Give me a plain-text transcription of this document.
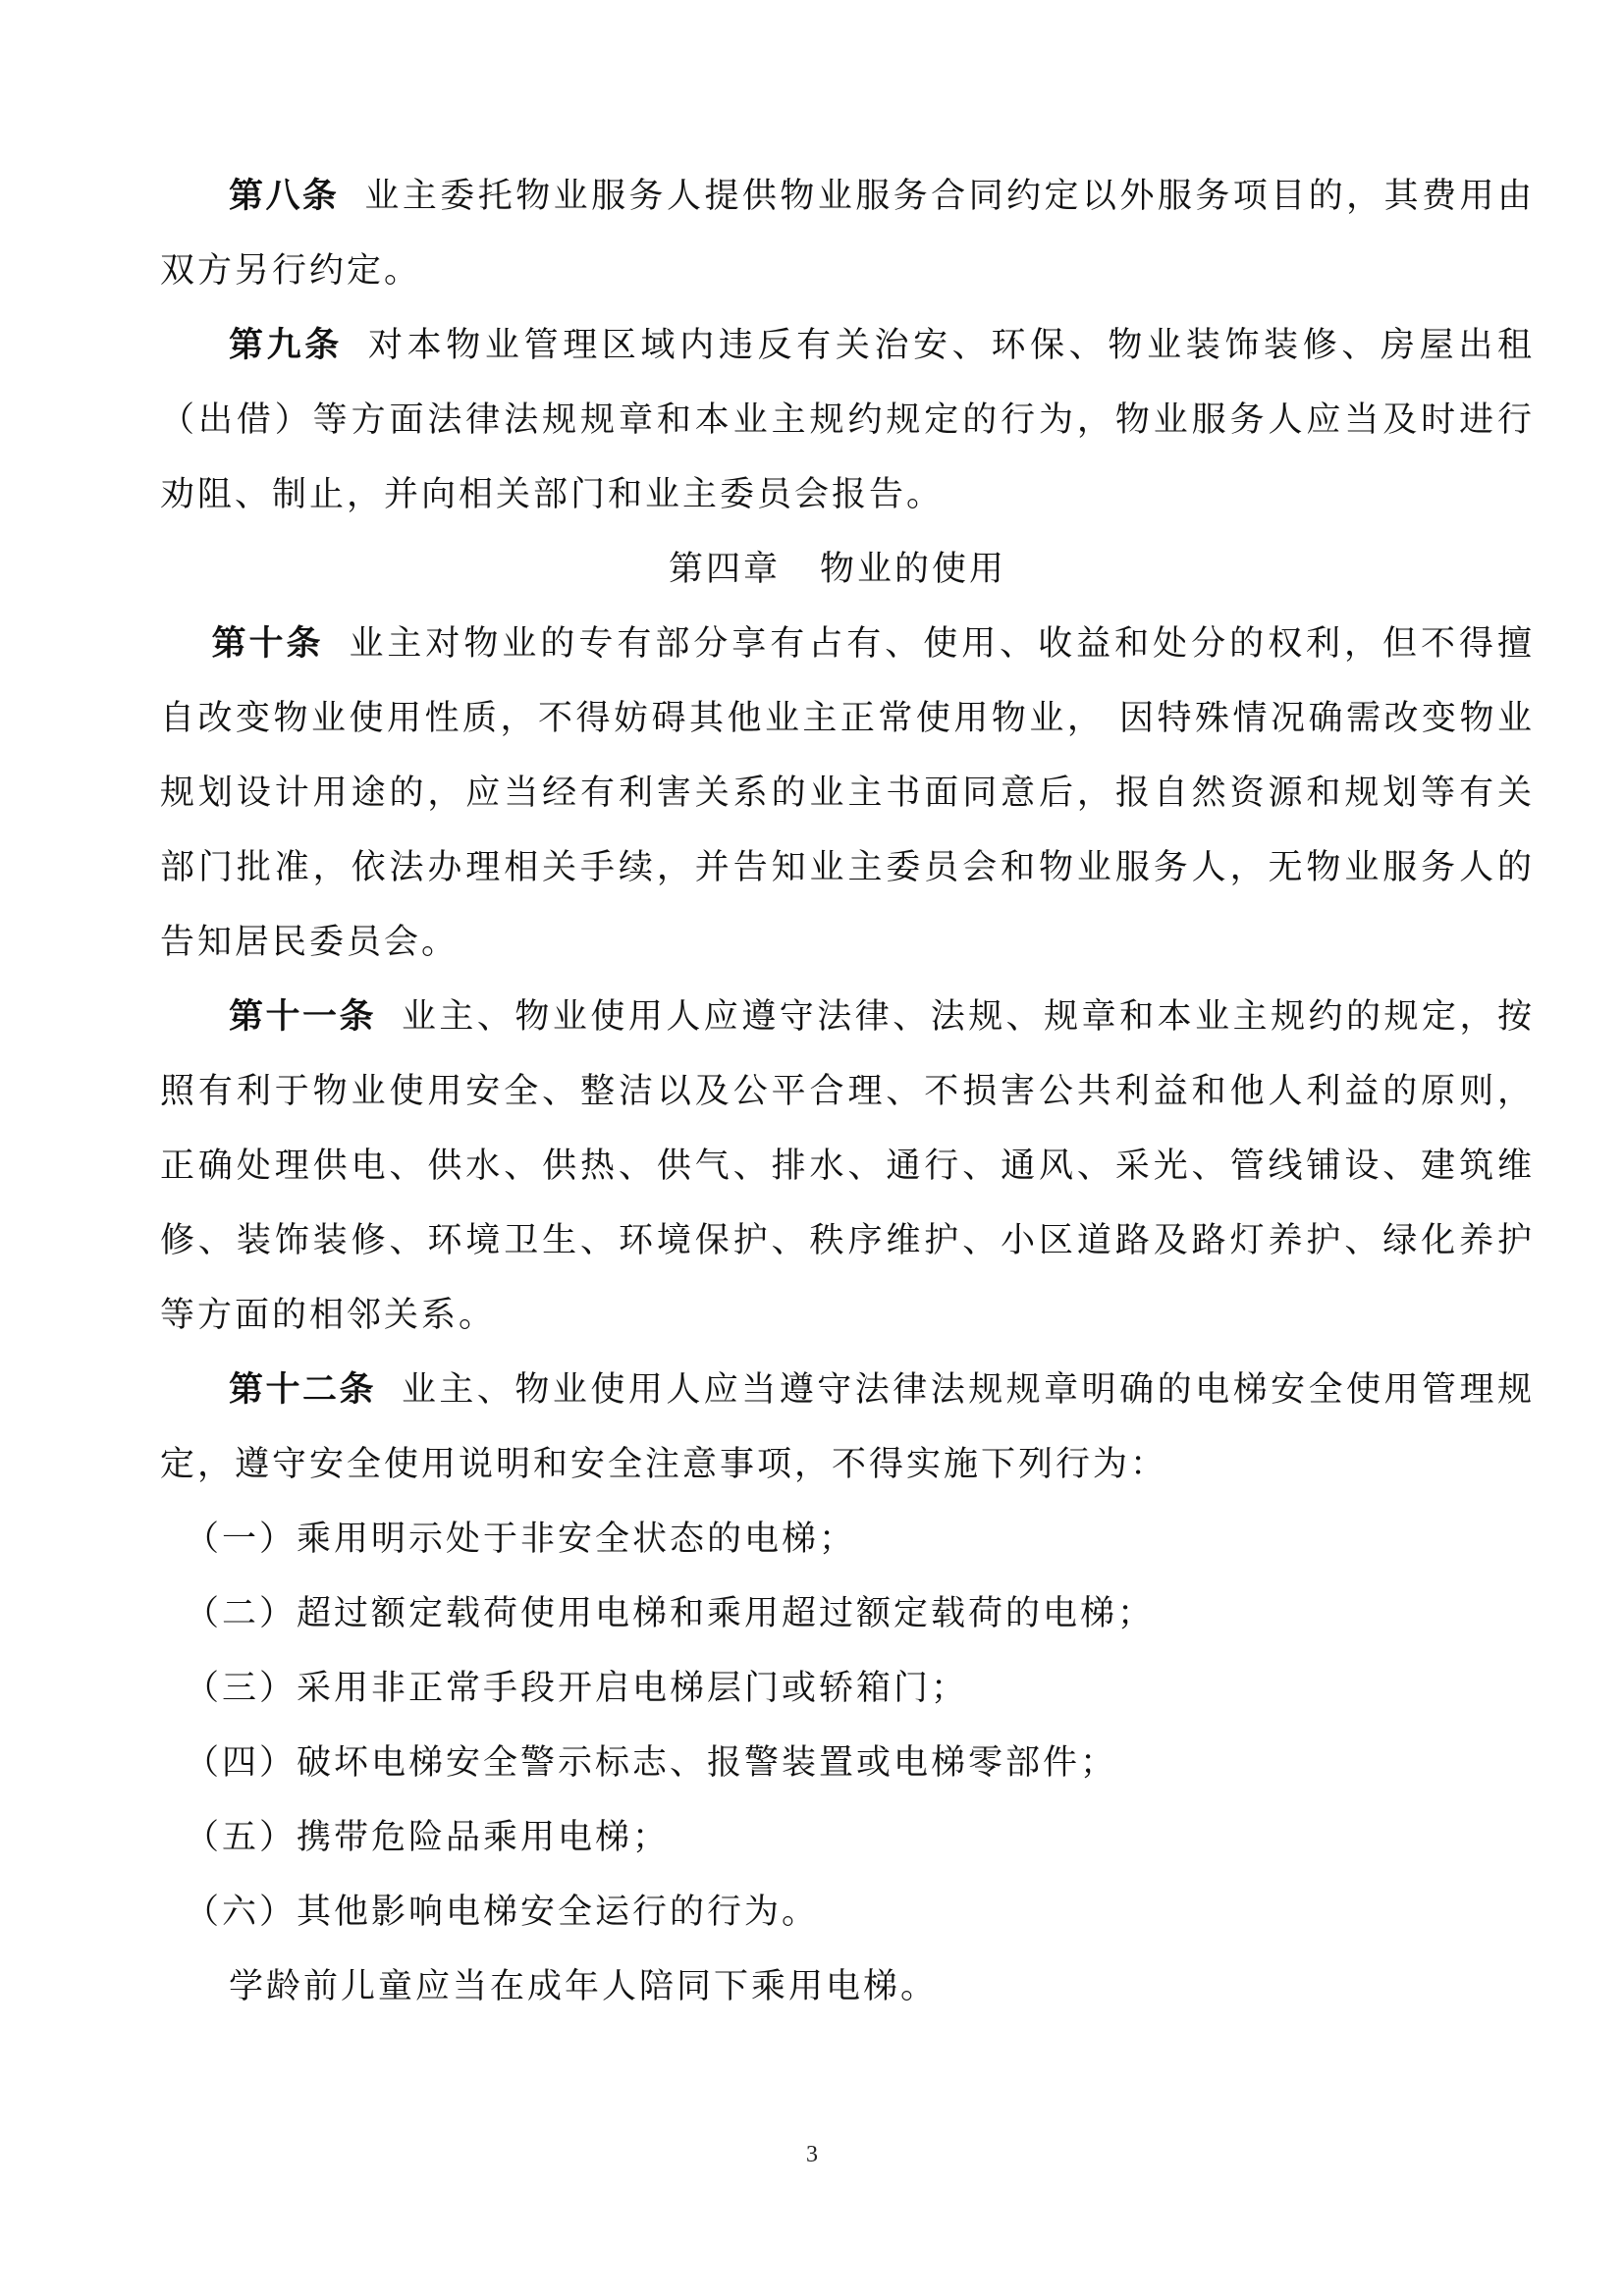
第八条 业主委托物业服务人提供物业服务合同约定以外服务项目的，其费用由双方另行约定。

第九条 对本物业管理区域内违反有关治安、环保、物业装饰装修、房屋出租（出借）等方面法律法规规章和本业主规约规定的行为，物业服务人应当及时进行劝阻、制止，并向相关部门和业主委员会报告。

第四章 物业的使用

第十条 业主对物业的专有部分享有占有、使用、收益和处分的权利，但不得擅自改变物业使用性质，不得妨碍其他业主正常使用物业， 因特殊情况确需改变物业规划设计用途的，应当经有利害关系的业主书面同意后，报自然资源和规划等有关部门批准，依法办理相关手续，并告知业主委员会和物业服务人，无物业服务人的告知居民委员会。

第十一条 业主、物业使用人应遵守法律、法规、规章和本业主规约的规定，按照有利于物业使用安全、整洁以及公平合理、不损害公共利益和他人利益的原则，正确处理供电、供水、供热、供气、排水、通行、通风、采光、管线铺设、建筑维修、装饰装修、环境卫生、环境保护、秩序维护、小区道路及路灯养护、绿化养护等方面的相邻关系。

第十二条 业主、物业使用人应当遵守法律法规规章明确的电梯安全使用管理规定，遵守安全使用说明和安全注意事项，不得实施下列行为：

（一）乘用明示处于非安全状态的电梯；

（二）超过额定载荷使用电梯和乘用超过额定载荷的电梯；

（三）采用非正常手段开启电梯层门或轿箱门；

（四）破坏电梯安全警示标志、报警装置或电梯零部件；

（五）携带危险品乘用电梯；

（六）其他影响电梯安全运行的行为。

学龄前儿童应当在成年人陪同下乘用电梯。

3
